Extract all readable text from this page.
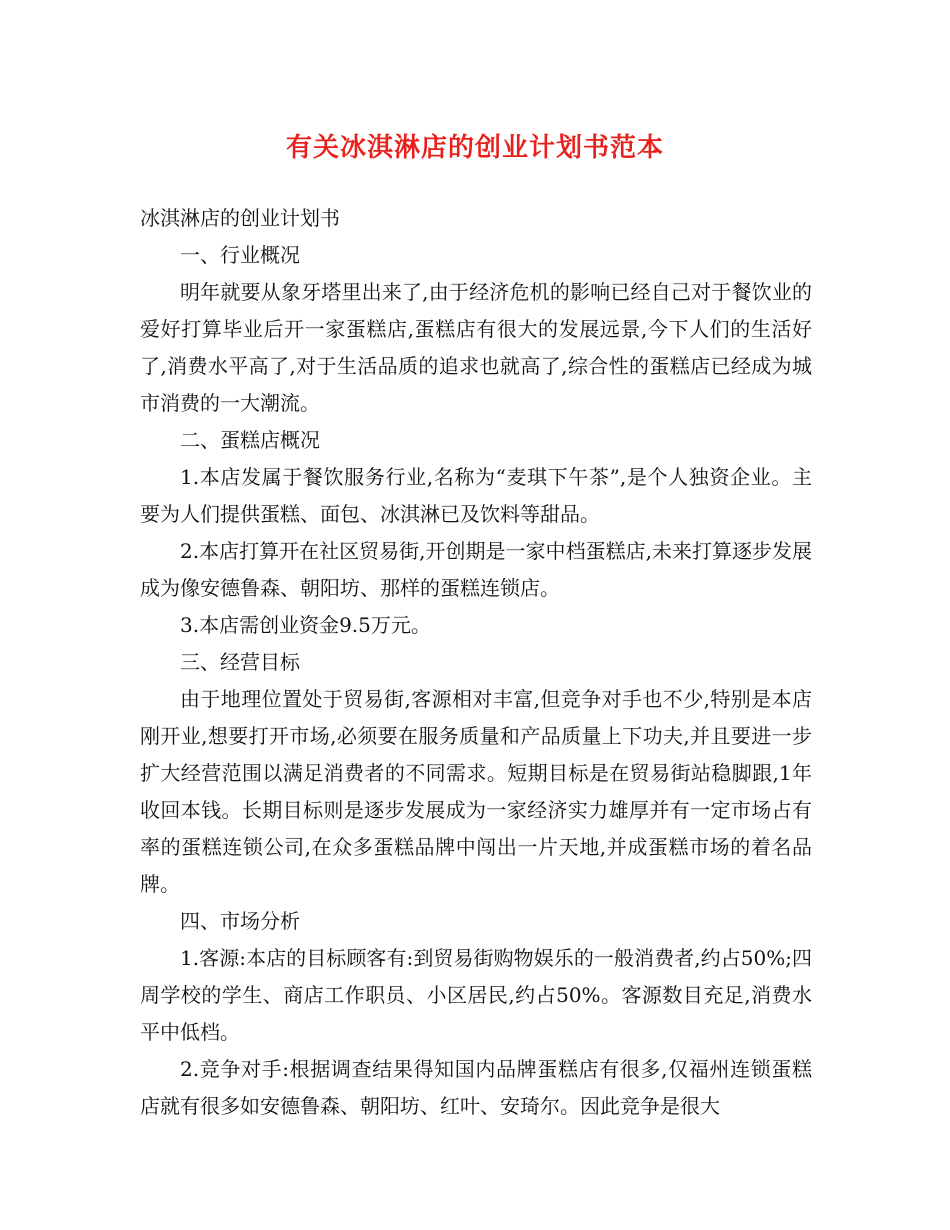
有关冰淇淋店的创业计划书范本

冰淇淋店的创业计划书

一、行业概况

明年就要从象牙塔里出来了,由于经济危机的影响已经自己对于餐饮业的爱好打算毕业后开一家蛋糕店,蛋糕店有很大的发展远景,今下人们的生活好了,消费水平高了,对于生活品质的追求也就高了,综合性的蛋糕店已经成为城市消费的一大潮流。

二、蛋糕店概况

1.本店发属于餐饮服务行业,名称为“麦琪下午茶”,是个人独资企业。主要为人们提供蛋糕、面包、冰淇淋已及饮料等甜品。

2.本店打算开在社区贸易街,开创期是一家中档蛋糕店,未来打算逐步发展成为像安德鲁森、朝阳坊、那样的蛋糕连锁店。

3.本店需创业资金9.5万元。

三、经营目标

由于地理位置处于贸易街,客源相对丰富,但竞争对手也不少,特别是本店刚开业,想要打开市场,必须要在服务质量和产品质量上下功夫,并且要进一步扩大经营范围以满足消费者的不同需求。短期目标是在贸易街站稳脚跟,1年收回本钱。长期目标则是逐步发展成为一家经济实力雄厚并有一定市场占有率的蛋糕连锁公司,在众多蛋糕品牌中闯出一片天地,并成蛋糕市场的着名品牌。

四、市场分析

1.客源:本店的目标顾客有:到贸易街购物娱乐的一般消费者,约占50%;四周学校的学生、商店工作职员、小区居民,约占50%。客源数目充足,消费水平中低档。

2.竞争对手:根据调查结果得知国内品牌蛋糕店有很多,仅福州连锁蛋糕店就有很多如安德鲁森、朝阳坊、红叶、安琦尔。因此竞争是很大
